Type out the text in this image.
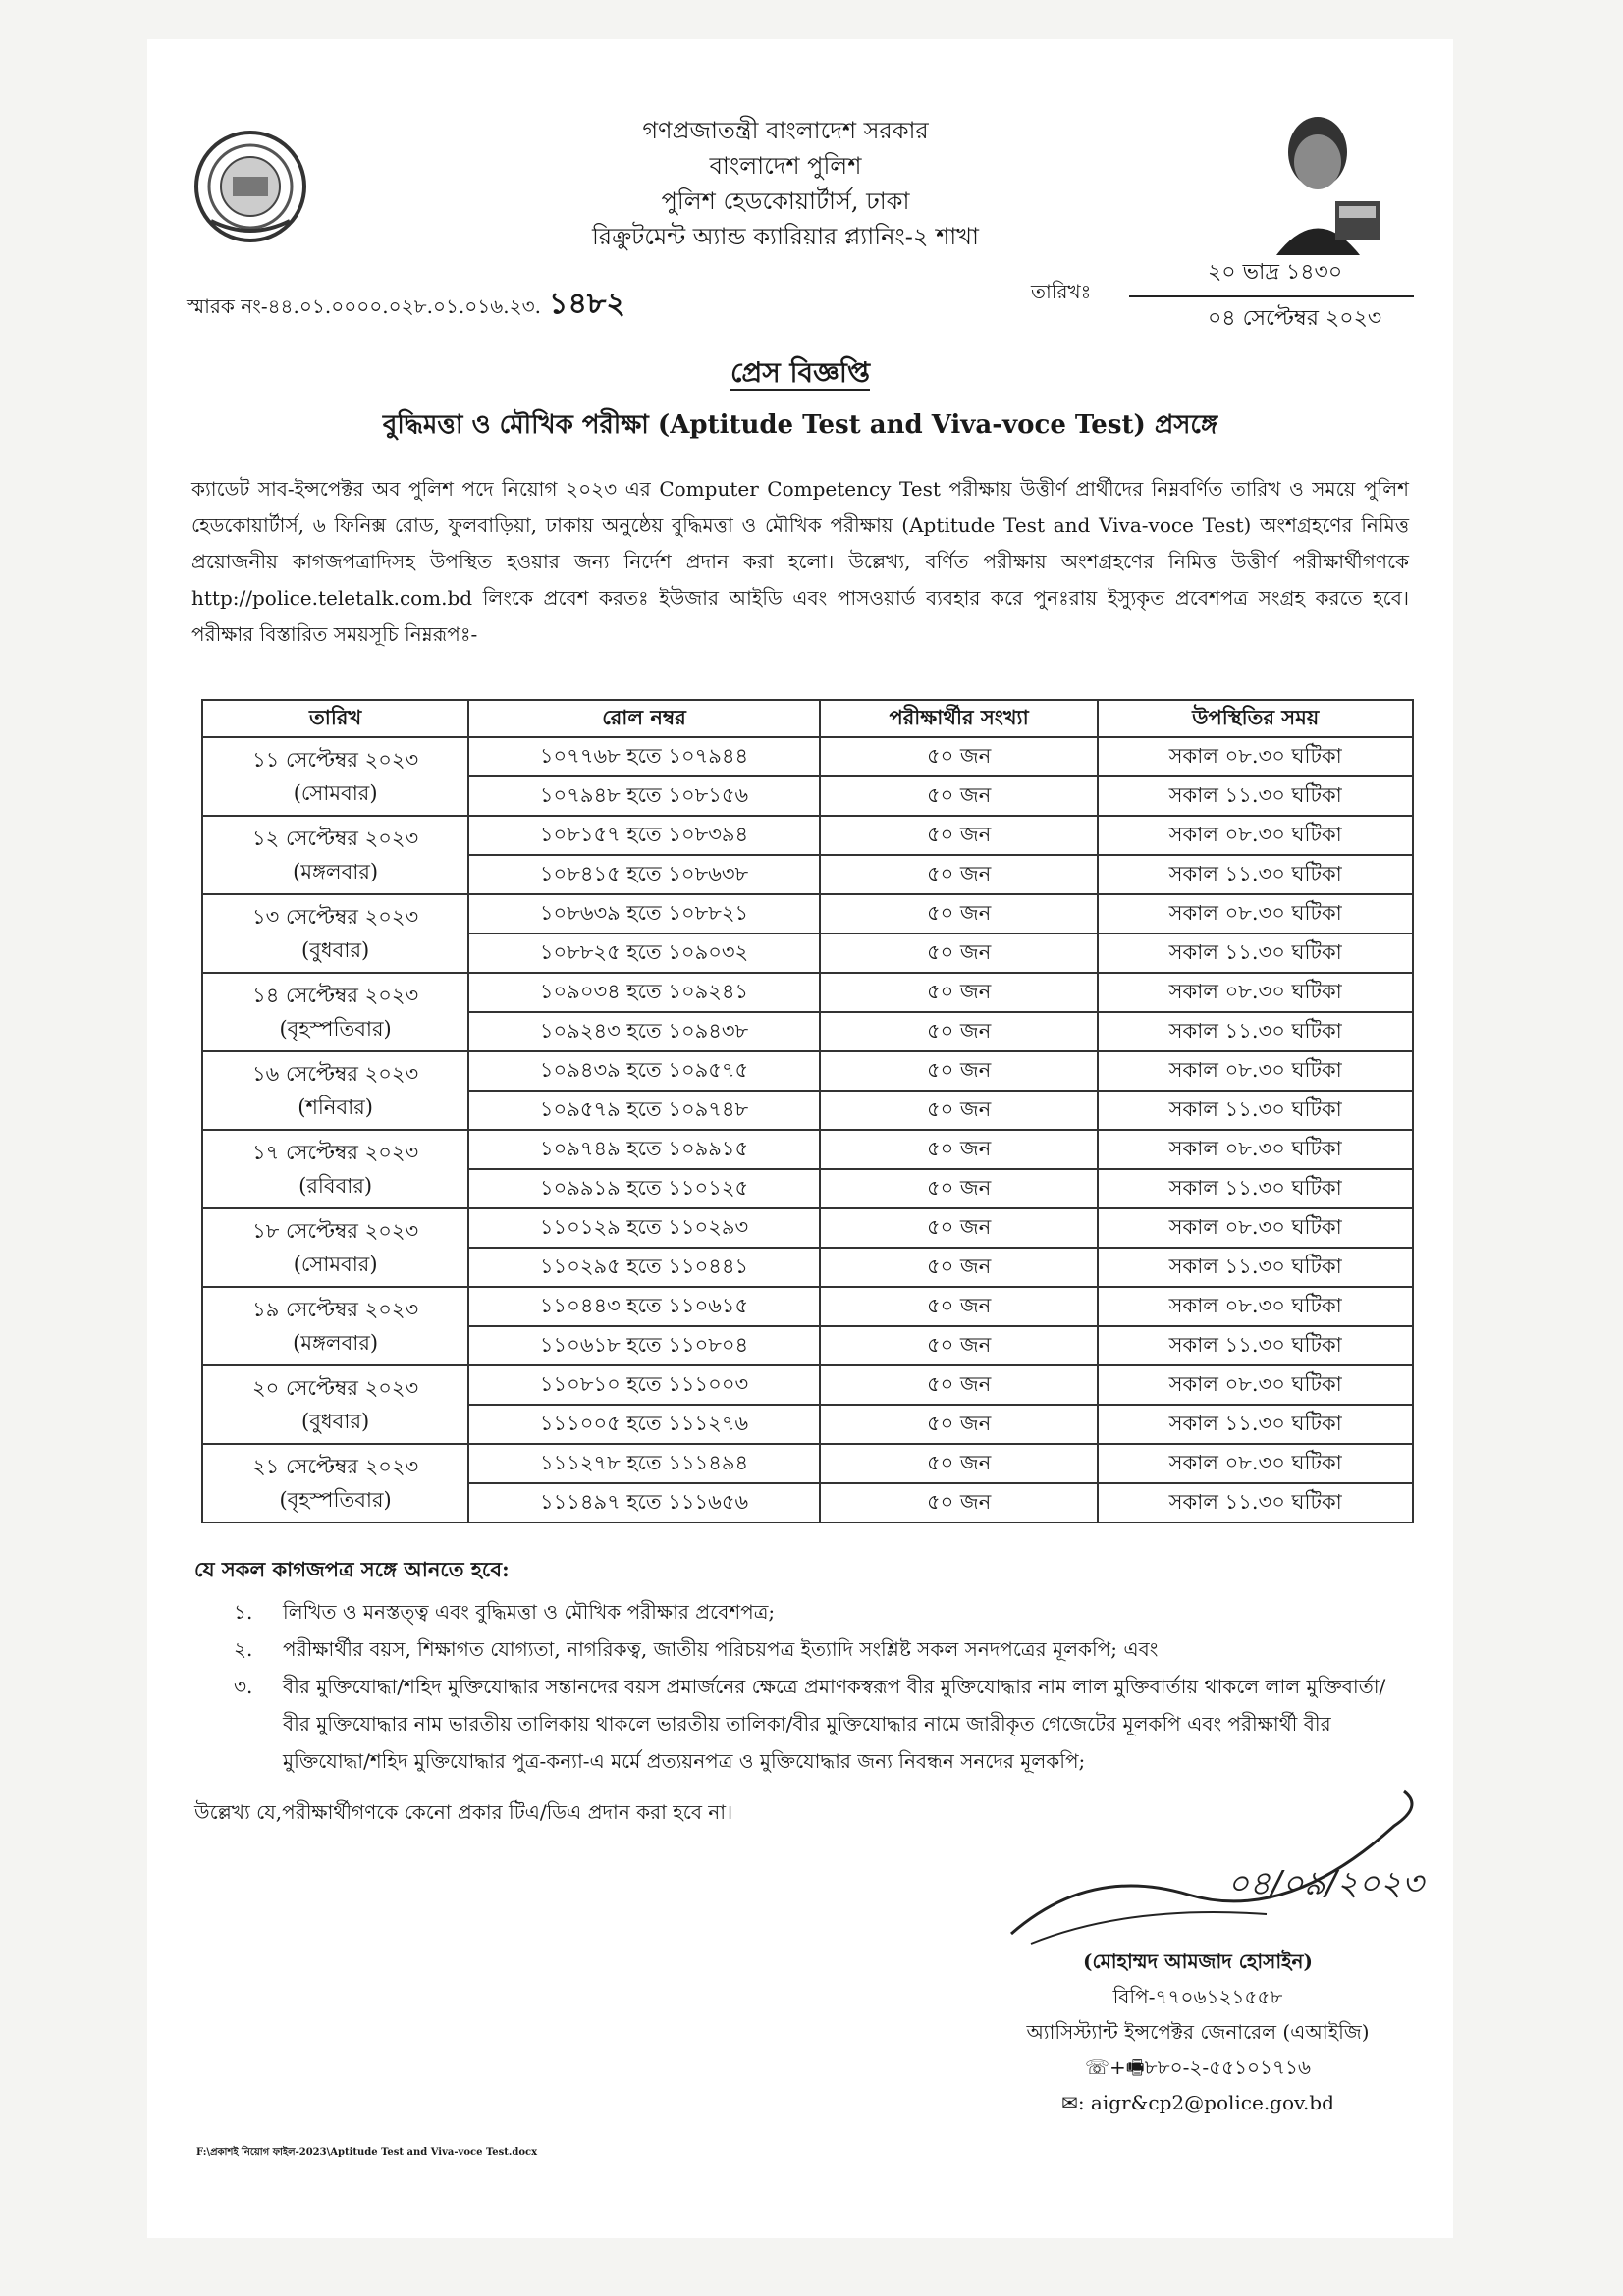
গণপ্রজাতন্ত্রী বাংলাদেশ সরকার
বাংলাদেশ পুলিশ
পুলিশ হেডকোয়ার্টার্স, ঢাকা
রিক্রুটমেন্ট অ্যান্ড ক্যারিয়ার প্ল্যানিং-২ শাখা
স্মারক নং-৪৪.০১.০০০০.০২৮.০১.০১৬.২৩. ১৪৮২	তারিখঃ
২০ ভাদ্র ১৪৩০
০৪ সেপ্টেম্বর ২০২৩
প্রেস বিজ্ঞপ্তি
বুদ্ধিমত্তা ও মৌখিক পরীক্ষা (Aptitude Test and Viva-voce Test) প্রসঙ্গে
ক্যাডেট সাব-ইন্সপেক্টর অব পুলিশ পদে নিয়োগ ২০২৩ এর Computer Competency Test পরীক্ষায় উত্তীর্ণ প্রার্থীদের নিম্নবর্ণিত তারিখ ও সময়ে পুলিশ হেডকোয়ার্টার্স, ৬ ফিনিক্স রোড, ফুলবাড়িয়া, ঢাকায় অনুষ্ঠেয় বুদ্ধিমত্তা ও মৌখিক পরীক্ষায় (Aptitude Test and Viva-voce Test) অংশগ্রহণের নিমিত্ত প্রয়োজনীয় কাগজপত্রাদিসহ উপস্থিত হওয়ার জন্য নির্দেশ প্রদান করা হলো। উল্লেখ্য, বর্ণিত পরীক্ষায় অংশগ্রহণের নিমিত্ত উত্তীর্ণ পরীক্ষার্থীগণকে http://police.teletalk.com.bd লিংকে প্রবেশ করতঃ ইউজার আইডি এবং পাসওয়ার্ড ব্যবহার করে পুনঃরায় ইস্যুকৃত প্রবেশপত্র সংগ্রহ করতে হবে। পরীক্ষার বিস্তারিত সময়সূচি নিম্নরূপঃ-
তারিখ	রোল নম্বর	পরীক্ষার্থীর সংখ্যা	উপস্থিতির সময়

১১ সেপ্টেম্বর ২০২৩
(সোমবার)	১০৭৭৬৮ হতে ১০৭৯৪৪	৫০ জন	সকাল ০৮.৩০ ঘটিকা
	১০৭৯৪৮ হতে ১০৮১৫৬	৫০ জন	সকাল ১১.৩০ ঘটিকা

১২ সেপ্টেম্বর ২০২৩
(মঙ্গলবার)	১০৮১৫৭ হতে ১০৮৩৯৪	৫০ জন	সকাল ০৮.৩০ ঘটিকা
	১০৮৪১৫ হতে ১০৮৬৩৮	৫০ জন	সকাল ১১.৩০ ঘটিকা

১৩ সেপ্টেম্বর ২০২৩
(বুধবার)	১০৮৬৩৯ হতে ১০৮৮২১	৫০ জন	সকাল ০৮.৩০ ঘটিকা
	১০৮৮২৫ হতে ১০৯০৩২	৫০ জন	সকাল ১১.৩০ ঘটিকা

১৪ সেপ্টেম্বর ২০২৩
(বৃহস্পতিবার)	১০৯০৩৪ হতে ১০৯২৪১	৫০ জন	সকাল ০৮.৩০ ঘটিকা
	১০৯২৪৩ হতে ১০৯৪৩৮	৫০ জন	সকাল ১১.৩০ ঘটিকা

১৬ সেপ্টেম্বর ২০২৩
(শনিবার)	১০৯৪৩৯ হতে ১০৯৫৭৫	৫০ জন	সকাল ০৮.৩০ ঘটিকা
	১০৯৫৭৯ হতে ১০৯৭৪৮	৫০ জন	সকাল ১১.৩০ ঘটিকা

১৭ সেপ্টেম্বর ২০২৩
(রবিবার)	১০৯৭৪৯ হতে ১০৯৯১৫	৫০ জন	সকাল ০৮.৩০ ঘটিকা
	১০৯৯১৯ হতে ১১০১২৫	৫০ জন	সকাল ১১.৩০ ঘটিকা

১৮ সেপ্টেম্বর ২০২৩
(সোমবার)	১১০১২৯ হতে ১১০২৯৩	৫০ জন	সকাল ০৮.৩০ ঘটিকা
	১১০২৯৫ হতে ১১০৪৪১	৫০ জন	সকাল ১১.৩০ ঘটিকা

১৯ সেপ্টেম্বর ২০২৩
(মঙ্গলবার)	১১০৪৪৩ হতে ১১০৬১৫	৫০ জন	সকাল ০৮.৩০ ঘটিকা
	১১০৬১৮ হতে ১১০৮০৪	৫০ জন	সকাল ১১.৩০ ঘটিকা

২০ সেপ্টেম্বর ২০২৩
(বুধবার)	১১০৮১০ হতে ১১১০০৩	৫০ জন	সকাল ০৮.৩০ ঘটিকা
	১১১০০৫ হতে ১১১২৭৬	৫০ জন	সকাল ১১.৩০ ঘটিকা

২১ সেপ্টেম্বর ২০২৩
(বৃহস্পতিবার)	১১১২৭৮ হতে ১১১৪৯৪	৫০ জন	সকাল ০৮.৩০ ঘটিকা
	১১১৪৯৭ হতে ১১১৬৫৬	৫০ জন	সকাল ১১.৩০ ঘটিকা
যে সকল কাগজপত্র সঙ্গে আনতে হবে:
১.	লিখিত ও মনস্তত্ত্ব এবং বুদ্ধিমত্তা ও মৌখিক পরীক্ষার প্রবেশপত্র;
২.	পরীক্ষার্থীর বয়স, শিক্ষাগত যোগ্যতা, নাগরিকত্ব, জাতীয় পরিচয়পত্র ইত্যাদি সংশ্লিষ্ট সকল সনদপত্রের মূলকপি; এবং
৩.	বীর মুক্তিযোদ্ধা/শহিদ মুক্তিযোদ্ধার সন্তানদের বয়স প্রমার্জনের ক্ষেত্রে প্রমাণকস্বরূপ বীর মুক্তিযোদ্ধার নাম লাল মুক্তিবার্তায় থাকলে লাল মুক্তিবার্তা/বীর মুক্তিযোদ্ধার নাম ভারতীয় তালিকায় থাকলে ভারতীয় তালিকা/বীর মুক্তিযোদ্ধার নামে জারীকৃত গেজেটের মূলকপি এবং পরীক্ষার্থী বীর মুক্তিযোদ্ধা/শহিদ মুক্তিযোদ্ধার পুত্র-কন্যা-এ মর্মে প্রত্যয়নপত্র ও মুক্তিযোদ্ধার জন্য নিবন্ধন সনদের মূলকপি;
উল্লেখ্য যে,পরীক্ষার্থীগণকে কেনো প্রকার টিএ/ডিএ প্রদান করা হবে না।
০৪/০৯/২০২৩
(মোহাম্মদ আমজাদ হোসাইন)
বিপি-৭৭০৬১২১৫৫৮
অ্যাসিস্ট্যান্ট ইন্সপেক্টর জেনারেল (এআইজি)
☏+🖷৮৮০-২-৫৫১০১৭১৬
✉: aigr&cp2@police.gov.bd
F:\প্রকাশই নিয়োগ ফাইল-2023\Aptitude Test and Viva-voce Test.docx
